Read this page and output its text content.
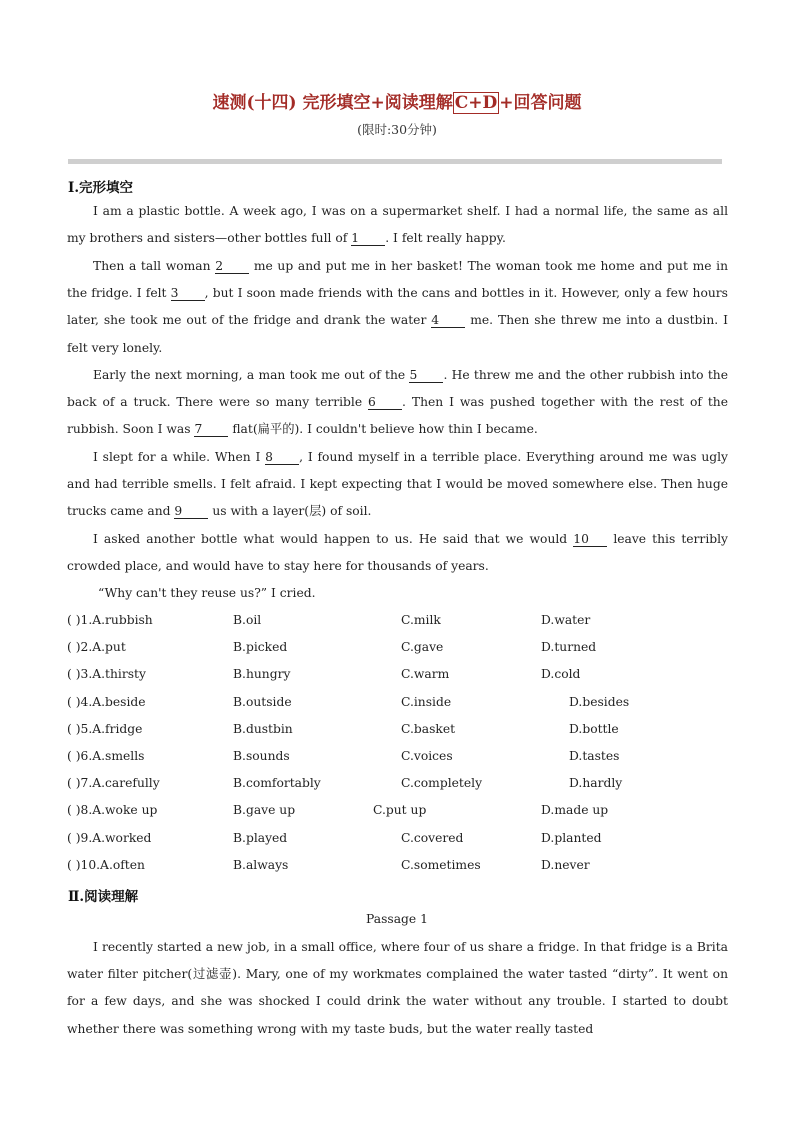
速测(十四) 完形填空+阅读理解 C+D +回答问题
(限时:30分钟)
Ⅰ.完形填空
I am a plastic bottle. A week ago, I was on a supermarket shelf. I had a normal life, the same as all my brothers and sisters—other bottles full of 1 . I felt really happy.
Then a tall woman 2 me up and put me in her basket! The woman took me home and put me in the fridge. I felt 3 , but I soon made friends with the cans and bottles in it. However, only a few hours later, she took me out of the fridge and drank the water 4 me. Then she threw me into a dustbin. I felt very lonely.
Early the next morning, a man took me out of the 5 . He threw me and the other rubbish into the back of a truck. There were so many terrible 6 . Then I was pushed together with the rest of the rubbish. Soon I was 7 flat(扁平的). I couldn't believe how thin I became.
I slept for a while. When I 8 , I found myself in a terrible place. Everything around me was ugly and had terrible smells. I felt afraid. I kept expecting that I would be moved somewhere else. Then huge trucks came and 9 us with a layer(层) of soil.
I asked another bottle what would happen to us. He said that we would 10 leave this terribly crowded place, and would have to stay here for thousands of years.
“Why can't they reuse us?” I cried.
( )1.A.rubbish	B.oil	C.milk	D.water
( )2.A.put	B.picked	C.gave	D.turned
( )3.A.thirsty	B.hungry	C.warm	D.cold
( )4.A.beside	B.outside	C.inside	D.besides
( )5.A.fridge	B.dustbin	C.basket	D.bottle
( )6.A.smells	B.sounds	C.voices	D.tastes
( )7.A.carefully	B.comfortably	C.completely	D.hardly
( )8.A.woke up	B.gave up	C.put up	D.made up
( )9.A.worked	B.played	C.covered	D.planted
( )10.A.often	B.always	C.sometimes	D.never
Ⅱ.阅读理解
Passage 1
I recently started a new job, in a small office, where four of us share a fridge. In that fridge is a Brita water filter pitcher(过滤壶). Mary, one of my workmates complained the water tasted “dirty”. It went on for a few days, and she was shocked I could drink the water without any trouble. I started to doubt whether there was something wrong with my taste buds, but the water really tasted
